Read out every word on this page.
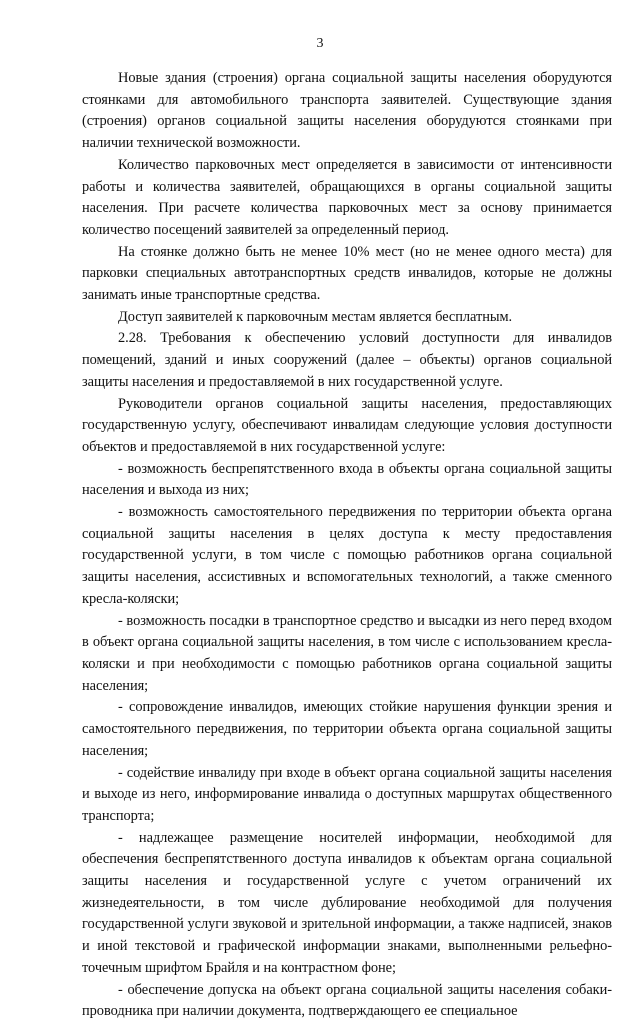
3

Новые здания (строения) органа социальной защиты населения оборудуются стоянками для автомобильного транспорта заявителей. Существующие здания (строения) органов социальной защиты населения оборудуются стоянками при наличии технической возможности.

Количество парковочных мест определяется в зависимости от интенсивности работы и количества заявителей, обращающихся в органы социальной защиты населения. При расчете количества парковочных мест за основу принимается количество посещений заявителей за определенный период.

На стоянке должно быть не менее 10% мест (но не менее одного места) для парковки специальных автотранспортных средств инвалидов, которые не должны занимать иные транспортные средства.

Доступ заявителей к парковочным местам является бесплатным.

2.28. Требования к обеспечению условий доступности для инвалидов помещений, зданий и иных сооружений (далее – объекты) органов социальной защиты населения и предоставляемой в них государственной услуге.

Руководители органов социальной защиты населения, предоставляющих государственную услугу, обеспечивают инвалидам следующие условия доступности объектов и предоставляемой в них государственной услуге:

- возможность беспрепятственного входа в объекты органа социальной защиты населения и выхода из них;

- возможность самостоятельного передвижения по территории объекта органа социальной защиты населения в целях доступа к месту предоставления государственной услуги, в том числе с помощью работников органа социальной защиты населения, ассистивных и вспомогательных технологий, а также сменного кресла-коляски;

- возможность посадки в транспортное средство и высадки из него перед входом в объект органа социальной защиты населения, в том числе с использованием кресла-коляски и при необходимости с помощью работников органа социальной защиты населения;

- сопровождение инвалидов, имеющих стойкие нарушения функции зрения и самостоятельного передвижения, по территории объекта органа социальной защиты населения;

- содействие инвалиду при входе в объект органа социальной защиты населения и выходе из него, информирование инвалида о доступных маршрутах общественного транспорта;

- надлежащее размещение носителей информации, необходимой для обеспечения беспрепятственного доступа инвалидов к объектам органа социальной защиты населения и государственной услуге с учетом ограничений их жизнедеятельности, в том числе дублирование необходимой для получения государственной услуги звуковой и зрительной информации, а также надписей, знаков и иной текстовой и графической информации знаками, выполненными рельефно-точечным шрифтом Брайля и на контрастном фоне;

- обеспечение допуска на объект органа социальной защиты населения собаки-проводника при наличии документа, подтверждающего ее специальное
